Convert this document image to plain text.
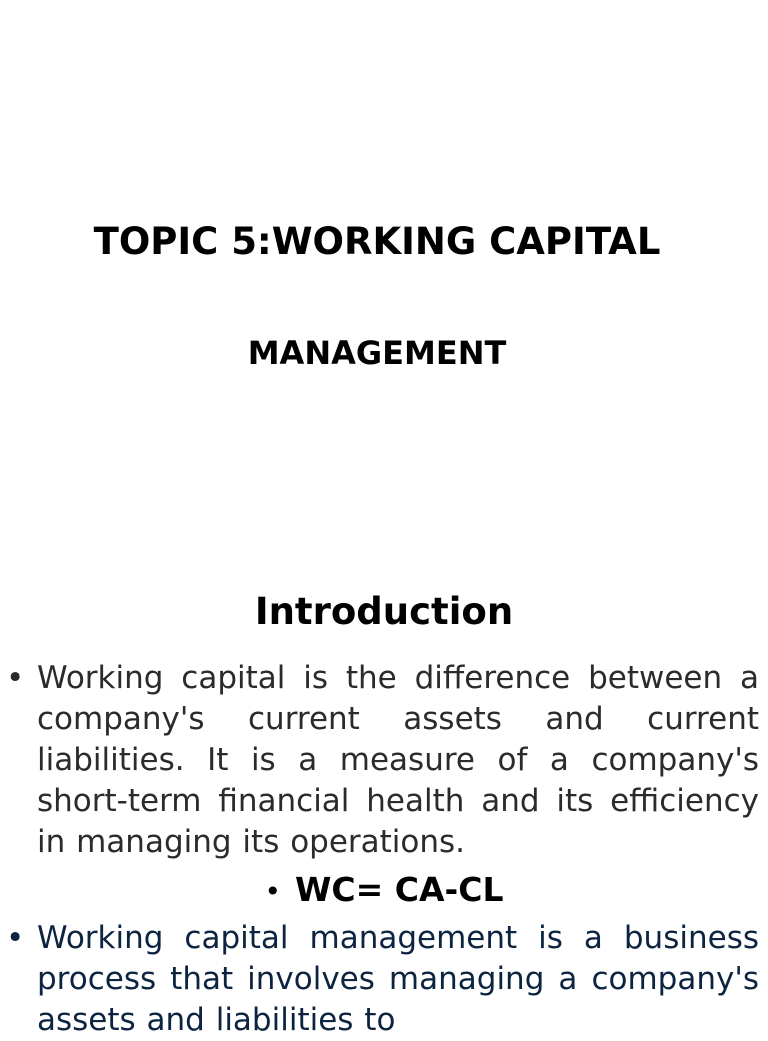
TOPIC 5:WORKING CAPITAL
MANAGEMENT
Introduction
• Working capital is the difference between a company's current assets and current liabilities. It is a measure of a company's short-term financial health and its efficiency in managing its operations.
• WC= CA-CL
• Working capital management is a business process that involves managing a company's assets and liabilities to
